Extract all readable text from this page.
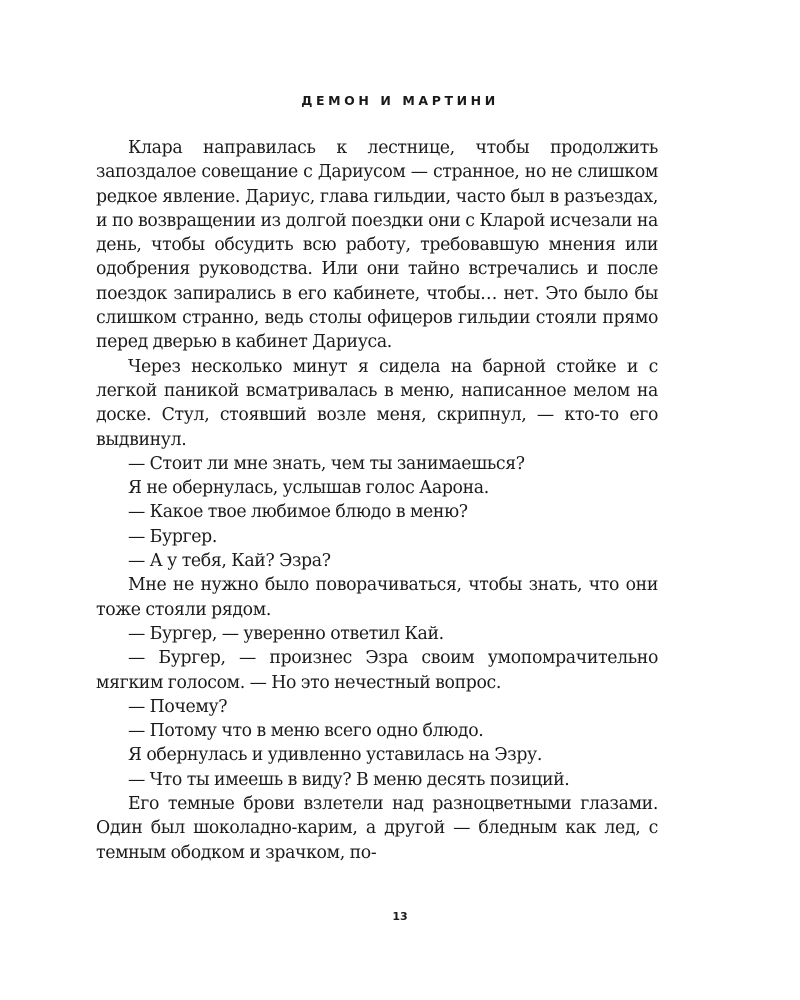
ДЕМОН И МАРТИНИ

Клара направилась к лестнице, чтобы продолжить запоздалое совещание с Дариусом — странное, но не слишком редкое явление. Дариус, глава гильдии, часто был в разъездах, и по возвращении из долгой поездки они с Кларой исчезали на день, чтобы обсудить всю работу, требовавшую мнения или одобрения руководства. Или они тайно встречались и после поездок запирались в его кабинете, чтобы… нет. Это было бы слишком странно, ведь столы офицеров гильдии стояли прямо перед дверью в кабинет Дариуса.

Через несколько минут я сидела на барной стойке и с легкой паникой всматривалась в меню, написанное мелом на доске. Стул, стоявший возле меня, скрипнул, — кто-то его выдвинул.

— Стоит ли мне знать, чем ты занимаешься?

Я не обернулась, услышав голос Аарона.

— Какое твое любимое блюдо в меню?

— Бургер.

— А у тебя, Кай? Эзра?

Мне не нужно было поворачиваться, чтобы знать, что они тоже стояли рядом.

— Бургер, — уверенно ответил Кай.

— Бургер, — произнес Эзра своим умопомрачительно мягким голосом. — Но это нечестный вопрос.

— Почему?

— Потому что в меню всего одно блюдо.

Я обернулась и удивленно уставилась на Эзру.

— Что ты имеешь в виду? В меню десять позиций.

Его темные брови взлетели над разноцветными глазами. Один был шоколадно-карим, а другой — бледным как лед, с темным ободком и зрачком, по-

13
